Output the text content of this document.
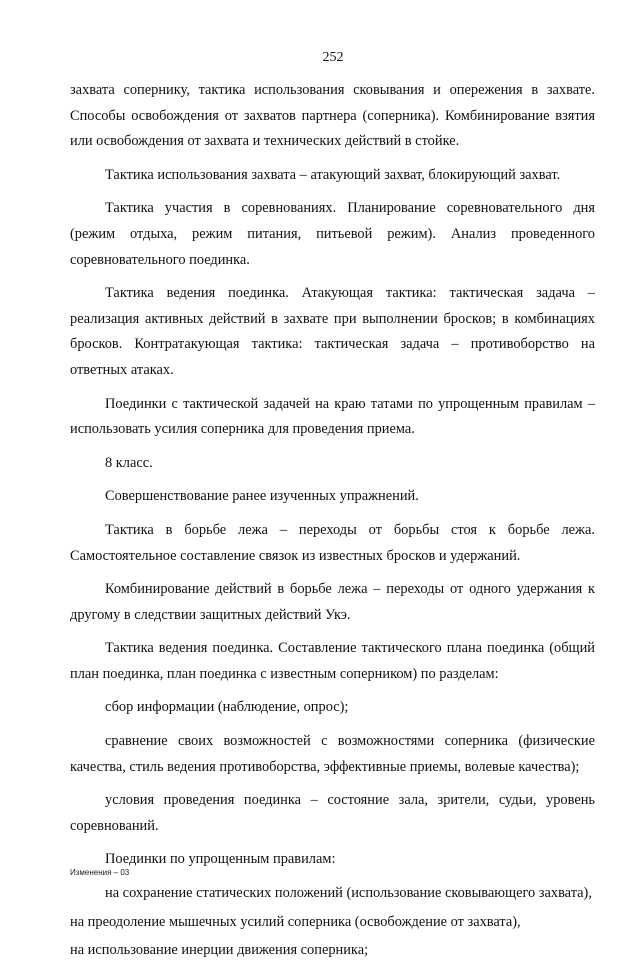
252

захвата сопернику, тактика использования сковывания и опережения в захвате. Способы освобождения от захватов партнера (соперника). Комбинирование взятия или освобождения от захвата и технических действий в стойке.

Тактика использования захвата – атакующий захват, блокирующий захват.

Тактика участия в соревнованиях. Планирование соревновательного дня (режим отдыха, режим питания, питьевой режим). Анализ проведенного соревновательного поединка.

Тактика ведения поединка. Атакующая тактика: тактическая задача – реализация активных действий в захвате при выполнении бросков; в комбинациях бросков. Контратакующая тактика: тактическая задача – противоборство на ответных атаках.

Поединки с тактической задачей на краю татами по упрощенным правилам – использовать усилия соперника для проведения приема.

8 класс.

Совершенствование ранее изученных упражнений.

Тактика в борьбе лежа – переходы от борьбы стоя к борьбе лежа. Самостоятельное составление связок из известных бросков и удержаний.

Комбинирование действий в борьбе лежа – переходы от одного удержания к другому в следствии защитных действий Укэ.

Тактика ведения поединка. Составление тактического плана поединка (общий план поединка, план поединка с известным соперником) по разделам:

сбор информации (наблюдение, опрос);

сравнение своих возможностей с возможностями соперника (физические качества, стиль ведения противоборства, эффективные приемы, волевые качества);

условия проведения поединка – состояние зала, зрители, судьи, уровень соревнований.

Поединки по упрощенным правилам:

на сохранение статических положений (использование сковывающего захвата),

на преодоление мышечных усилий соперника (освобождение от захвата),

на использование инерции движения соперника;

Изменения – 03
